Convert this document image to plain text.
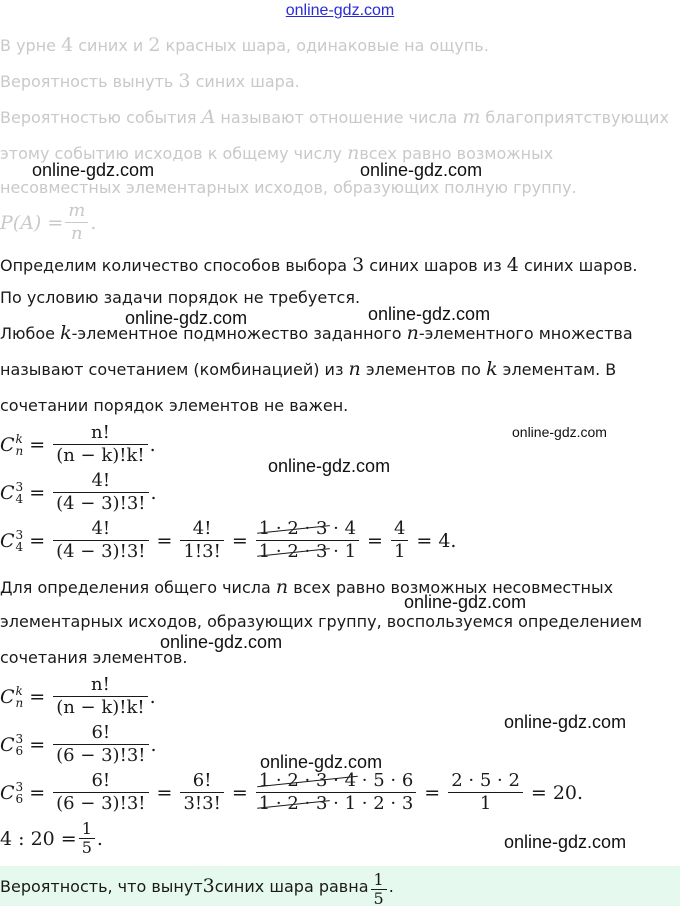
online-gdz.com
В урне 4 синих и 2 красных шара, одинаковые на ощупь.
Вероятность вынуть 3 синих шара.
Вероятностью события A называют отношение числа m благоприятствующих
этому событию исходов к общему числу nвсех равно возможных
несовместных элементарных исходов, образующих полную группу.
$P(A) = \frac{m}{n}$ .
Определим количество способов выбора 3 синих шаров из 4 синих шаров.
По условию задачи порядок не требуется.
Любое k-элементное подмножество заданного n-элементного множества
называют сочетанием (комбинацией) из n элементов по k элементам. В
сочетании порядок элементов не важен.
C k
$n = \frac{n!}{(n - k)!k!}$ .
C 3
$4 = \frac{4!}{(4 - 3)!3!}$ .
C 3
$4 = \frac{4!}{(4 - 3)!3!} = \frac{4!}{1!3!} = \frac{1 \cdot 2 \cdot 3 \cdot 4}{1 \cdot 2 \cdot 3 \cdot 1} = \frac{4}{1} = 4$.
Для определения общего числа n всех равно возможных несовместных
элементарных исходов, образующих группу, воспользуемся определением
сочетания элементов.
C k
$n = \frac{n!}{(n - k)!k!}$ .
C 3
$6 = \frac{6!}{(6 - 3)!3!}$ .
C 3
$6 = \frac{6!}{(6 - 3)!3!} = \frac{6!}{3!3!} = \frac{1 \cdot 2 \cdot 3 \cdot 4 \cdot 5 \cdot 6}{1 \cdot 2 \cdot 3 \cdot 1 \cdot 2 \cdot 3} = \frac{2 \cdot 5 \cdot 2}{1} = 20$.
4 : $20 = \frac{1}{5}$ .
Вероятность, что вынут 3 синих шара равна $\frac{1}{5}$ .
online-gdz.com	online-gdz.com
online-gdz.com	online-gdz.com
online-gdz.com
online-gdz.com
online-gdz.com
online-gdz.com
online-gdz.com
online-gdz.com
online-gdz.com
